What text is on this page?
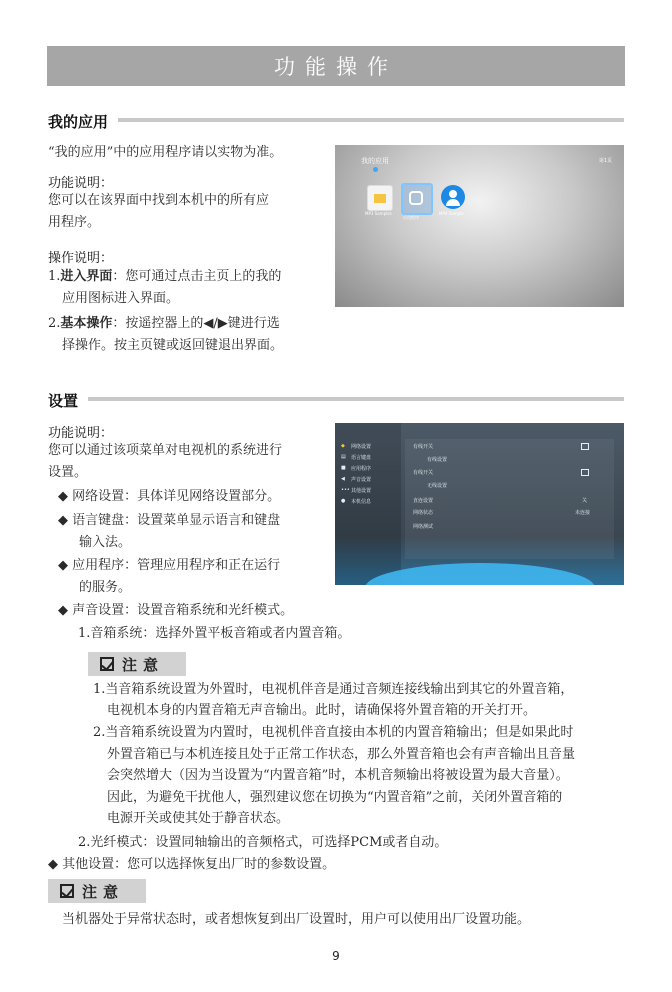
功能操作
我的应用
“我的应用”中的应用程序请以实物为准。
功能说明：
您可以在该界面中找到本机中的所有应
用程序。
操作说明：
1.进入界面：您可通过点击主页上的我的
应用图标进入界面。
2.基本操作：按遥控器上的◀/▶键进行选
择操作。按主页键或返回键退出界面。
我的应用	第1页
MP3 Samples
应用程序
MP4 Sample
设置
功能说明：
您可以通过该项菜单对电视机的系统进行
设置。
◆ 网络设置：具体详见网络设置部分。
◆ 语言键盘：设置菜单显示语言和键盘
输入法。
◆ 应用程序：管理应用程序和正在运行
的服务。
◆ 声音设置：设置音箱系统和光纤模式。
1.音箱系统：选择外置平板音箱或者内置音箱。
◆ 网络设置
▤ 语言键盘
■ 应用程序
◀ 声音设置
••• 其他设置
● 本机信息
有线开关
有线设置
有线开关
无线设置
直连设置	关
网络状态	未连接
网络测试
注意
1.当音箱系统设置为外置时，电视机伴音是通过音频连接线输出到其它的外置音箱，
电视机本身的内置音箱无声音输出。此时，请确保将外置音箱的开关打开。
2.当音箱系统设置为内置时，电视机伴音直接由本机的内置音箱输出；但是如果此时
外置音箱已与本机连接且处于正常工作状态，那么外置音箱也会有声音输出且音量
会突然增大（因为当设置为“内置音箱”时，本机音频输出将被设置为最大音量）。
因此，为避免干扰他人，强烈建议您在切换为“内置音箱”之前，关闭外置音箱的
电源开关或使其处于静音状态。
2.光纤模式：设置同轴输出的音频格式，可选择PCM或者自动。
◆ 其他设置：您可以选择恢复出厂时的参数设置。
注意
当机器处于异常状态时，或者想恢复到出厂设置时，用户可以使用出厂设置功能。
9
